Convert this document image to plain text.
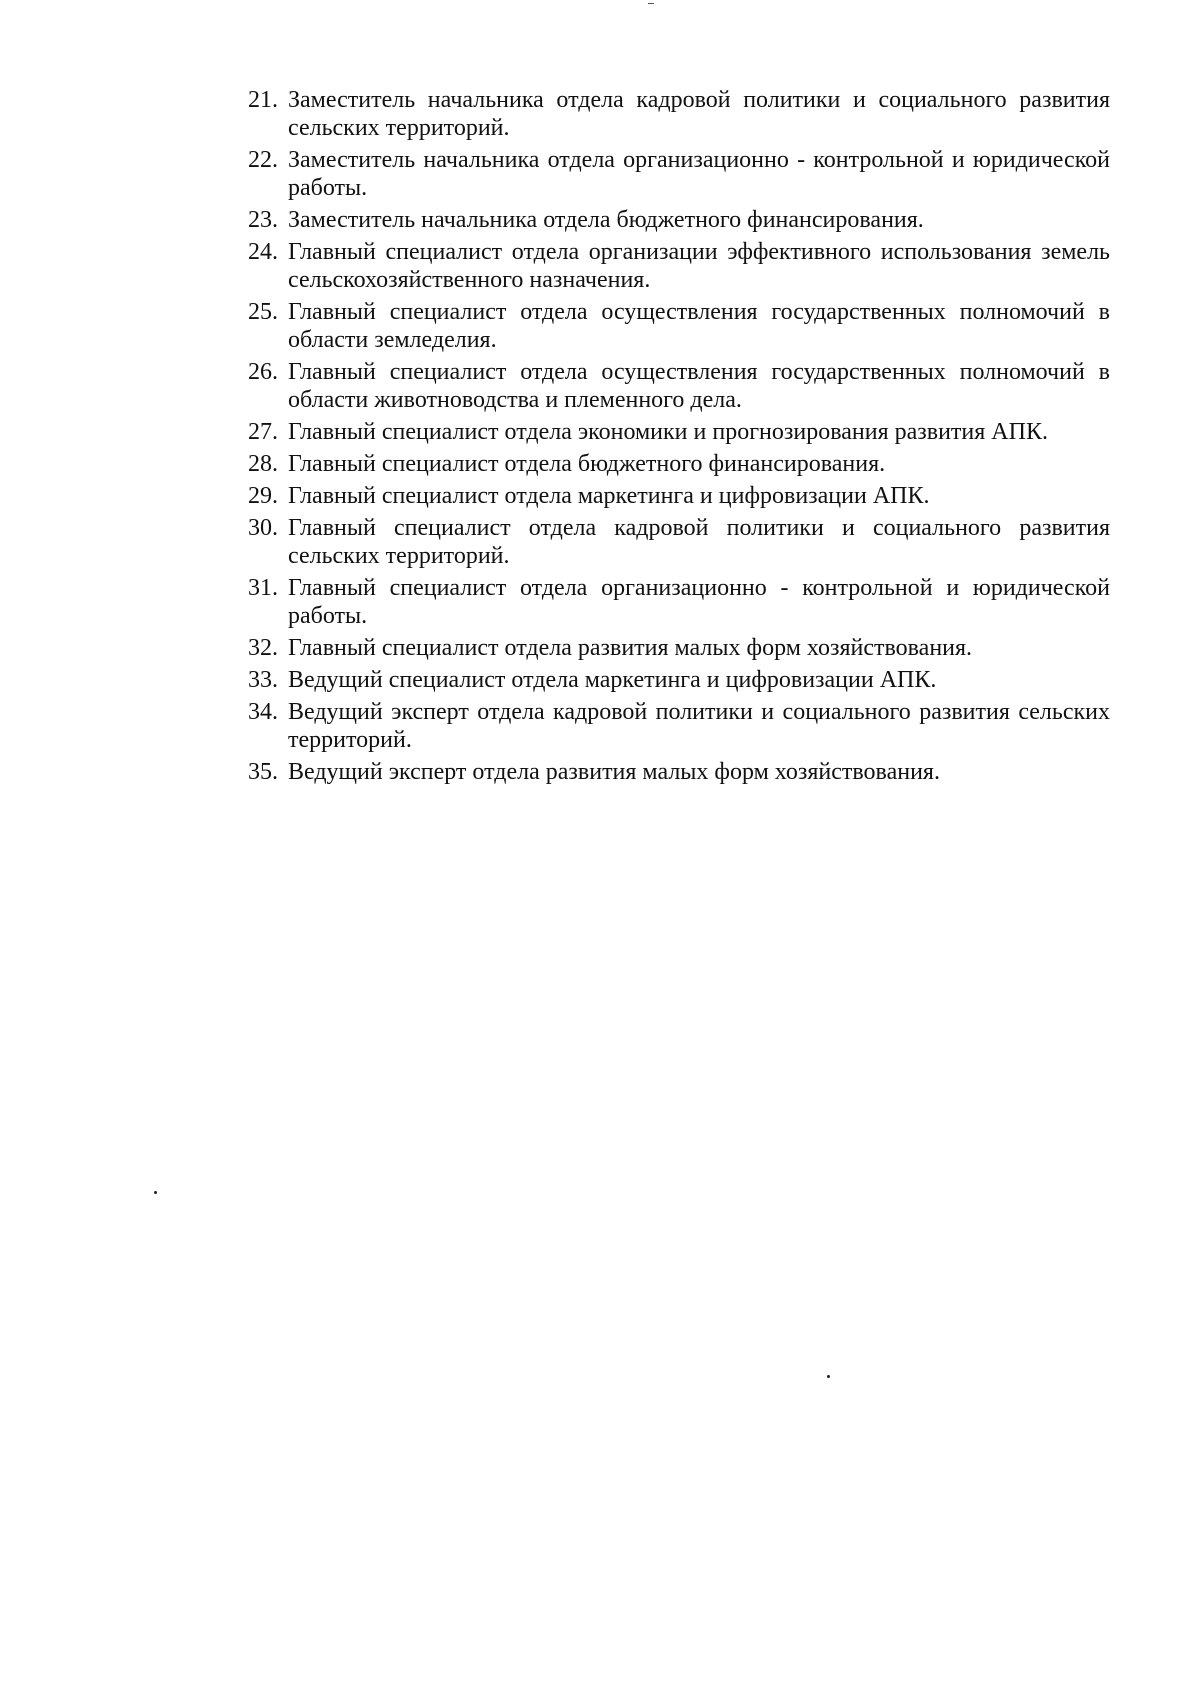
21. Заместитель начальника отдела кадровой политики и социального развития сельских территорий.
22. Заместитель начальника отдела организационно - контрольной и юридической работы.
23. Заместитель начальника отдела бюджетного финансирования.
24. Главный специалист отдела организации эффективного использования земель сельскохозяйственного назначения.
25. Главный специалист отдела осуществления государственных полномочий в области земледелия.
26. Главный специалист отдела осуществления государственных полномочий в области животноводства и племенного дела.
27. Главный специалист отдела экономики и прогнозирования развития АПК.
28. Главный специалист отдела бюджетного финансирования.
29. Главный специалист отдела маркетинга и цифровизации АПК.
30. Главный специалист отдела кадровой политики и социального развития сельских территорий.
31. Главный специалист отдела организационно - контрольной и юридической работы.
32. Главный специалист отдела развития малых форм хозяйствования.
33. Ведущий специалист отдела маркетинга и цифровизации АПК.
34. Ведущий эксперт отдела кадровой политики и социального развития сельских территорий.
35. Ведущий эксперт отдела развития малых форм хозяйствования.
